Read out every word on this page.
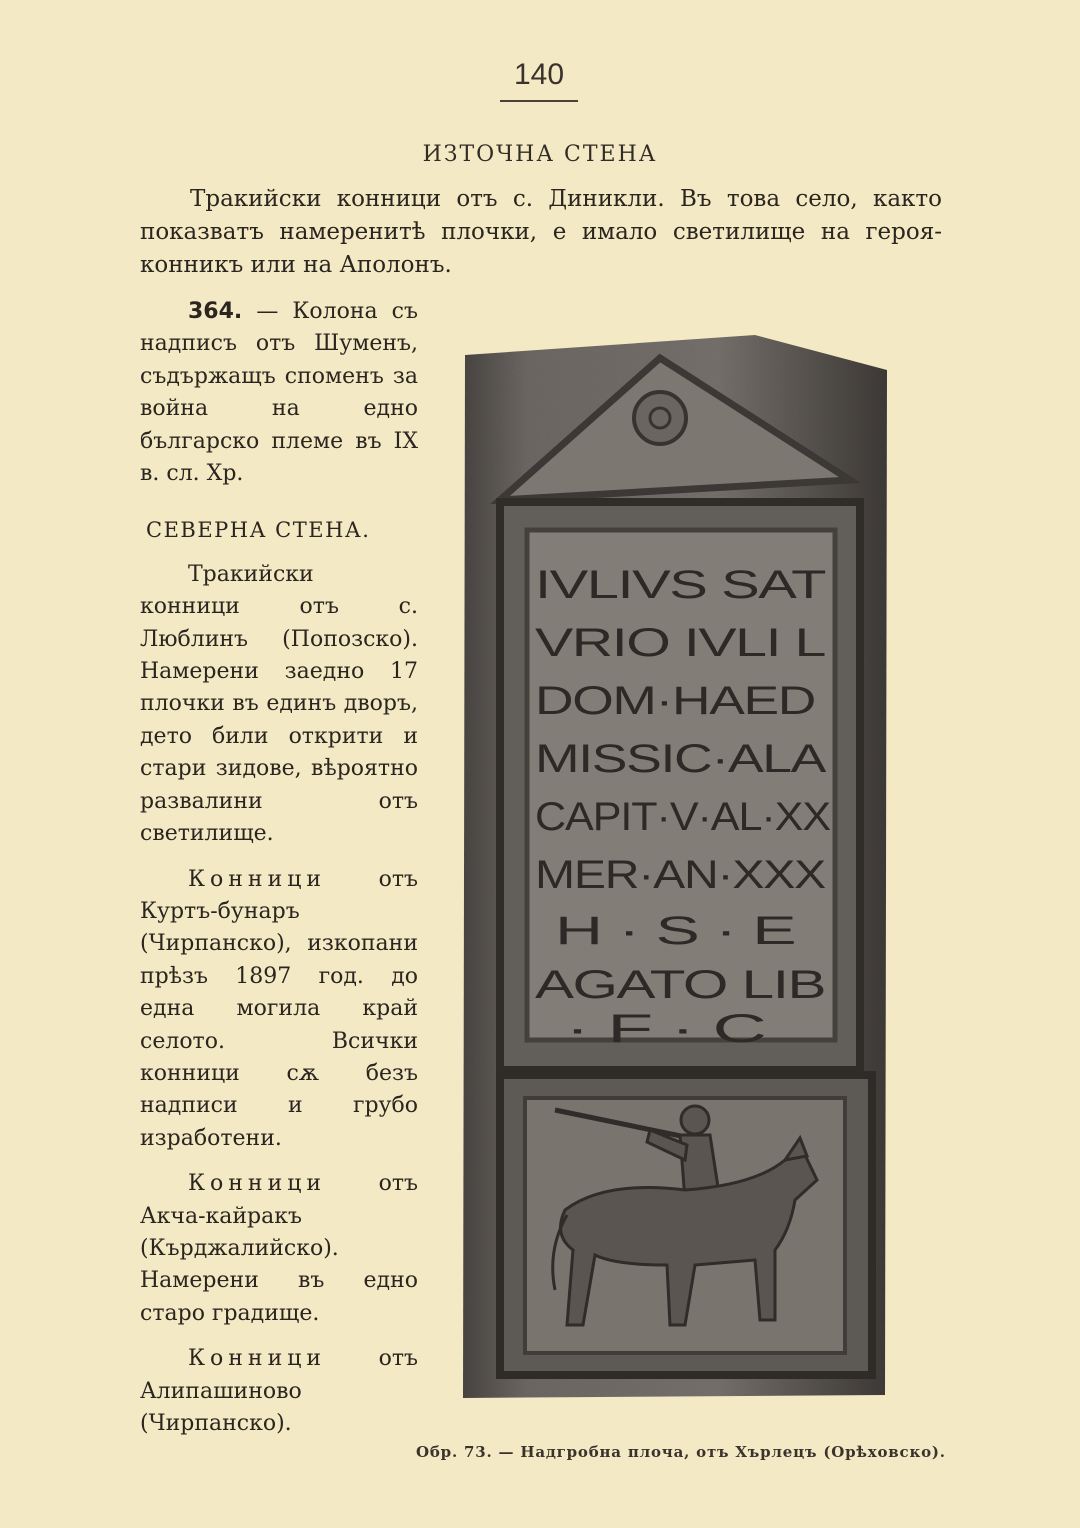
140
ИЗТОЧНА СТЕНА

Тракийски конници отъ с. Диникли. Въ това село, както показватъ намеренитѣ плочки, е имало светилище на героя-конникъ или на Аполонъ.

364. — Колона съ надписъ отъ Шуменъ, съдържащъ споменъ за война на едно българско племе въ IX в. сл. Хр.

СЕВЕРНА СТЕНА.

Тракийски конници отъ с. Люблинъ (Попозско). Намерени заедно 17 плочки въ единъ дворъ, дето били открити и стари зидове, вѣроятно развалини отъ светилище.

Конници отъ Куртъ-бунаръ (Чирпанско), изкопани прѣзъ 1897 год. до една могила край селото. Всички конници сѫ безъ надписи и грубо изработени.

Конници отъ Акча-кайракъ (Кърджалийско). Намерени въ едно старо градище.

Конници отъ Алипашиново (Чирпанско).

IVLIVS SAT
VRIO IVLI L
DOM·HAED
MISSIC·ALA
CAPIT·V·AL·XX
MER·AN·XXX
H · S · E
AGATO LIB
· F · C
Обр. 73. — Надгробна плоча, отъ Хърлецъ (Орѣховско).
